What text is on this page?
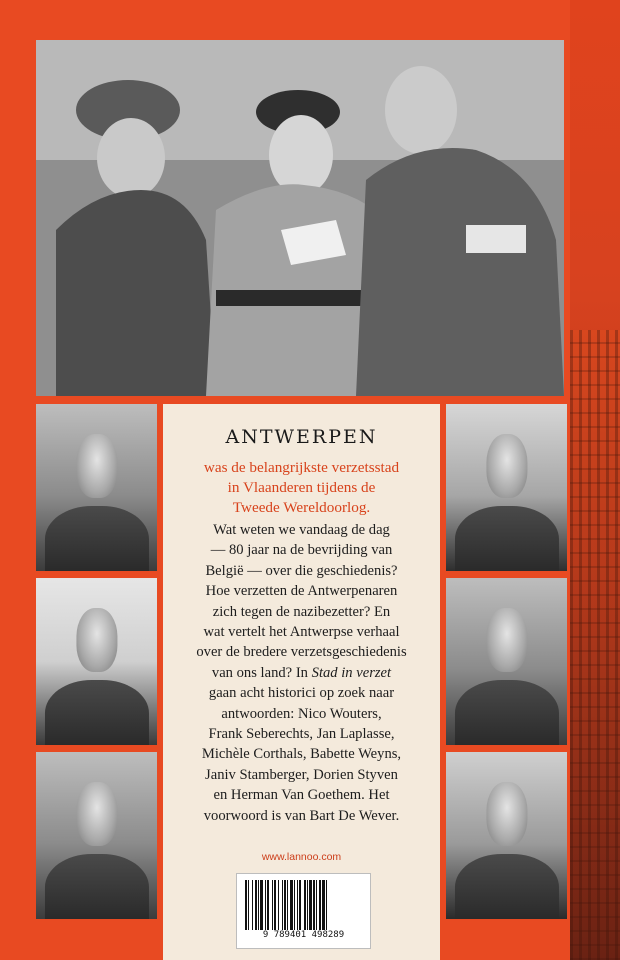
ANTWERPEN
was de belangrijkste verzetsstad
in Vlaanderen tijdens de
Tweede Wereldoorlog.
Wat weten we vandaag de dag
— 80 jaar na de bevrijding van
België — over die geschiedenis?
Hoe verzetten de Antwerpenaren
zich tegen de nazibezetter? En
wat vertelt het Antwerpse verhaal
over de bredere verzetsgeschiedenis
van ons land? In Stad in verzet
gaan acht historici op zoek naar
antwoorden: Nico Wouters,
Frank Seberechts, Jan Laplasse,
Michèle Corthals, Babette Weyns,
Janiv Stamberger, Dorien Styven
en Herman Van Goethem. Het
voorwoord is van Bart De Wever.
www.lannoo.com
9 789401 498289
